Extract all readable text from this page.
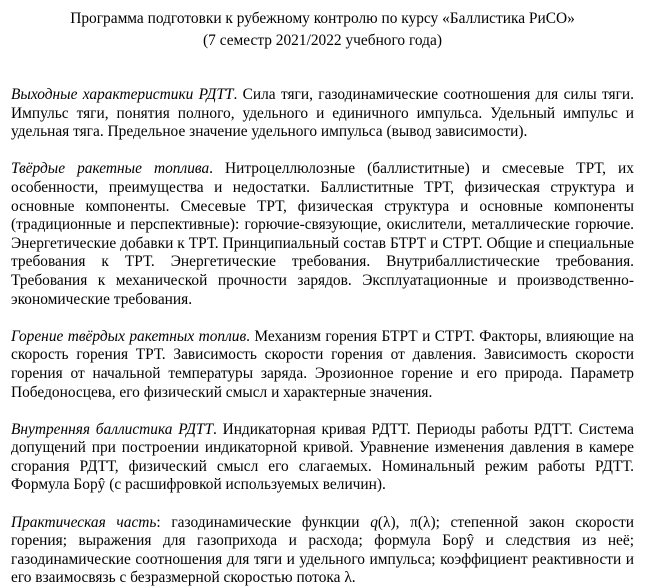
Программа подготовки к рубежному контролю по курсу «Баллистика РиСО»
(7 семестр 2021/2022 учебного года)

Выходные характеристики РДТТ. Сила тяги, газодинамические соотношения для силы тяги. Импульс тяги, понятия полного, удельного и единичного импульса. Удельный импульс и удельная тяга. Предельное значение удельного импульса (вывод зависимости).

Твёрдые ракетные топлива. Нитроцеллюлозные (баллиститные) и смесевые ТРТ, их особенности, преимущества и недостатки. Баллиститные ТРТ, физическая структура и основные компоненты. Смесевые ТРТ, физическая структура и основные компоненты (традиционные и перспективные): горючие-связующие, окислители, металлические горючие. Энергетические добавки к ТРТ. Принципиальный состав БТРТ и СТРТ. Общие и специальные требования к ТРТ. Энергетические требования. Внутрибаллистические требования. Требования к механической прочности зарядов. Эксплуатационные и производственно-экономические требования.

Горение твёрдых ракетных топлив. Механизм горения БТРТ и СТРТ. Факторы, влияющие на скорость горения ТРТ. Зависимость скорости горения от давления. Зависимость скорости горения от начальной температуры заряда. Эрозионное горение и его природа. Параметр Победоносцева, его физический смысл и характерные значения.

Внутренняя баллистика РДТТ. Индикаторная кривая РДТТ. Периоды работы РДТТ. Система допущений при построении индикаторной кривой. Уравнение изменения давления в камере сгорания РДТТ, физический смысл его слагаемых. Номинальный режим работы РДТТ. Формула Борŷ (с расшифровкой используемых величин).

Практическая часть: газодинамические функции q(λ), π(λ); степенной закон скорости горения; выражения для газоприхода и расхода; формула Борŷ и следствия из неё; газодинамические соотношения для тяги и удельного импульса; коэффициент реактивности и его взаимосвязь с безразмерной скоростью потока λ.
